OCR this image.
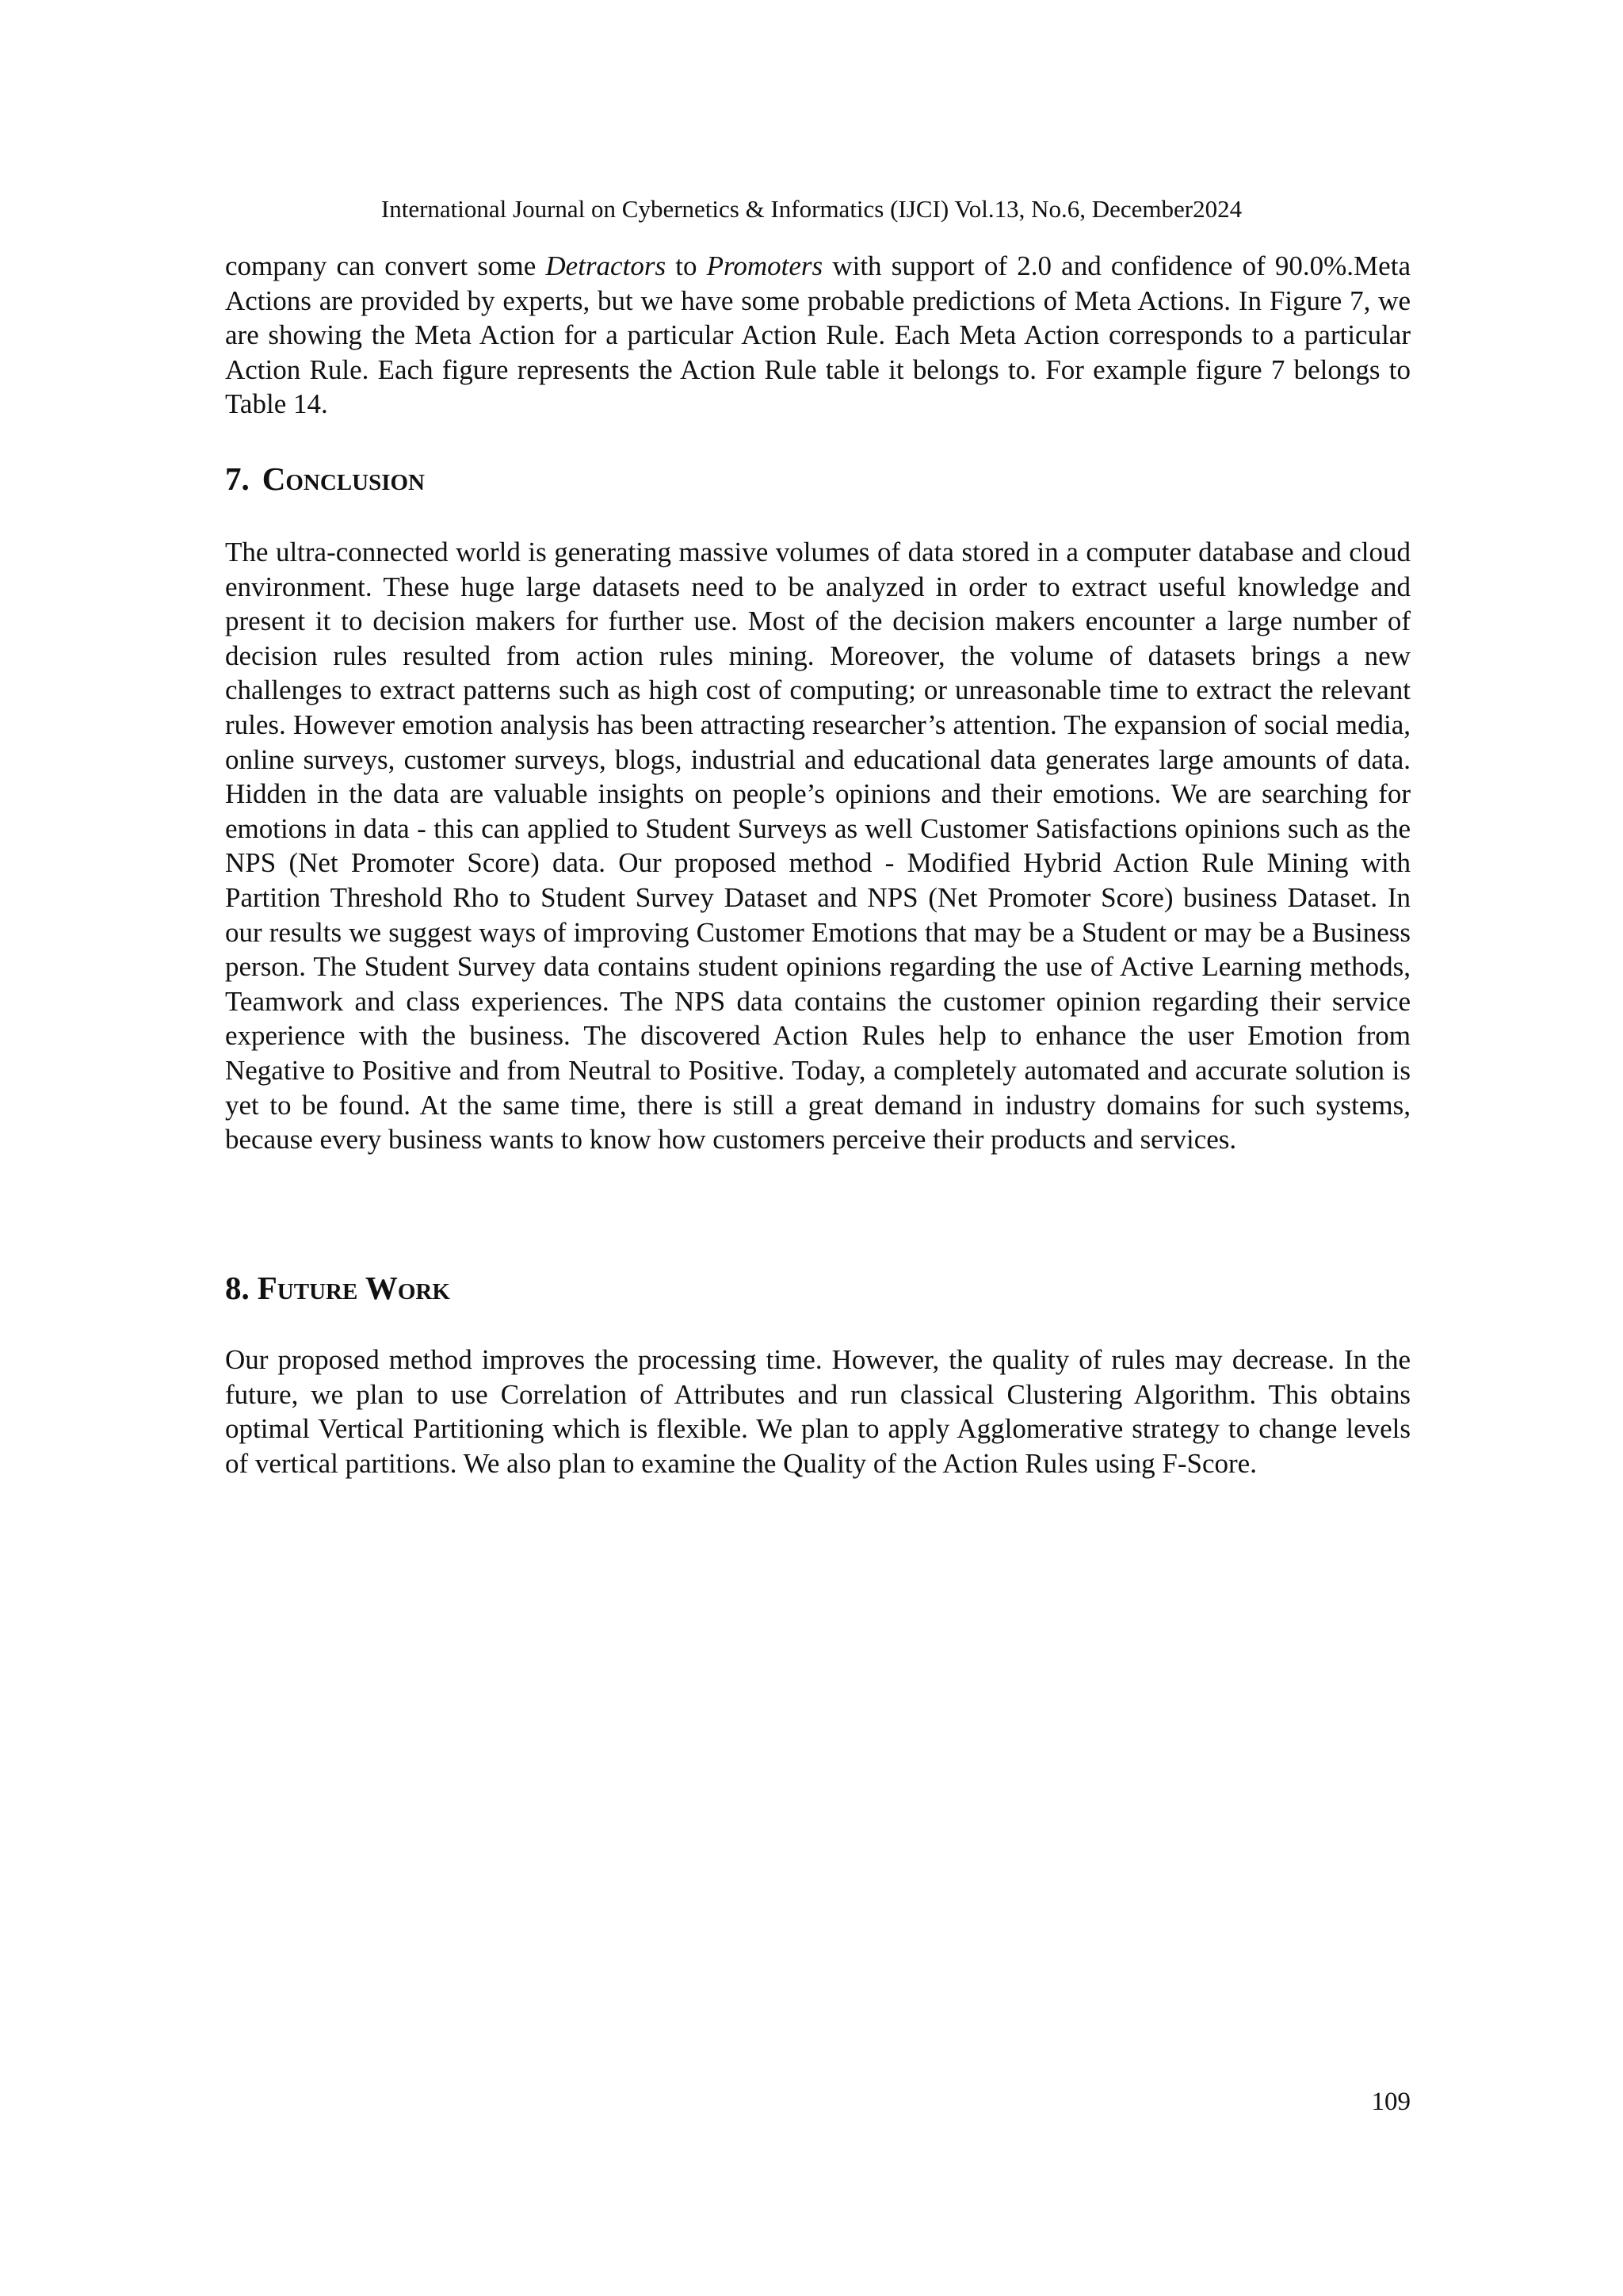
International Journal on Cybernetics & Informatics (IJCI) Vol.13, No.6, December2024

company can convert some Detractors to Promoters with support of 2.0 and confidence of 90.0%.Meta Actions are provided by experts, but we have some probable predictions of Meta Actions. In Figure 7, we are showing the Meta Action for a particular Action Rule. Each Meta Action corresponds to a particular Action Rule. Each figure represents the Action Rule table it belongs to. For example figure 7 belongs to Table 14.

7. Conclusion

The ultra-connected world is generating massive volumes of data stored in a computer database and cloud environment. These huge large datasets need to be analyzed in order to extract useful knowledge and present it to decision makers for further use. Most of the decision makers encounter a large number of decision rules resulted from action rules mining. Moreover, the volume of datasets brings a new challenges to extract patterns such as high cost of computing; or unreasonable time to extract the relevant rules. However emotion analysis has been attracting researcher’s attention. The expansion of social media, online surveys, customer surveys, blogs, industrial and educational data generates large amounts of data. Hidden in the data are valuable insights on people’s opinions and their emotions. We are searching for emotions in data - this can applied to Student Surveys as well Customer Satisfactions opinions such as the NPS (Net Promoter Score) data. Our proposed method - Modified Hybrid Action Rule Mining with Partition Threshold Rho to Student Survey Dataset and NPS (Net Promoter Score) business Dataset. In our results we suggest ways of improving Customer Emotions that may be a Student or may be a Business person. The Student Survey data contains student opinions regarding the use of Active Learning methods, Teamwork and class experiences. The NPS data contains the customer opinion regarding their service experience with the business. The discovered Action Rules help to enhance the user Emotion from Negative to Positive and from Neutral to Positive. Today, a completely automated and accurate solution is yet to be found. At the same time, there is still a great demand in industry domains for such systems, because every business wants to know how customers perceive their products and services.

8. Future Work

Our proposed method improves the processing time. However, the quality of rules may decrease. In the future, we plan to use Correlation of Attributes and run classical Clustering Algorithm. This obtains optimal Vertical Partitioning which is flexible. We plan to apply Agglomerative strategy to change levels of vertical partitions. We also plan to examine the Quality of the Action Rules using F-Score.

109
